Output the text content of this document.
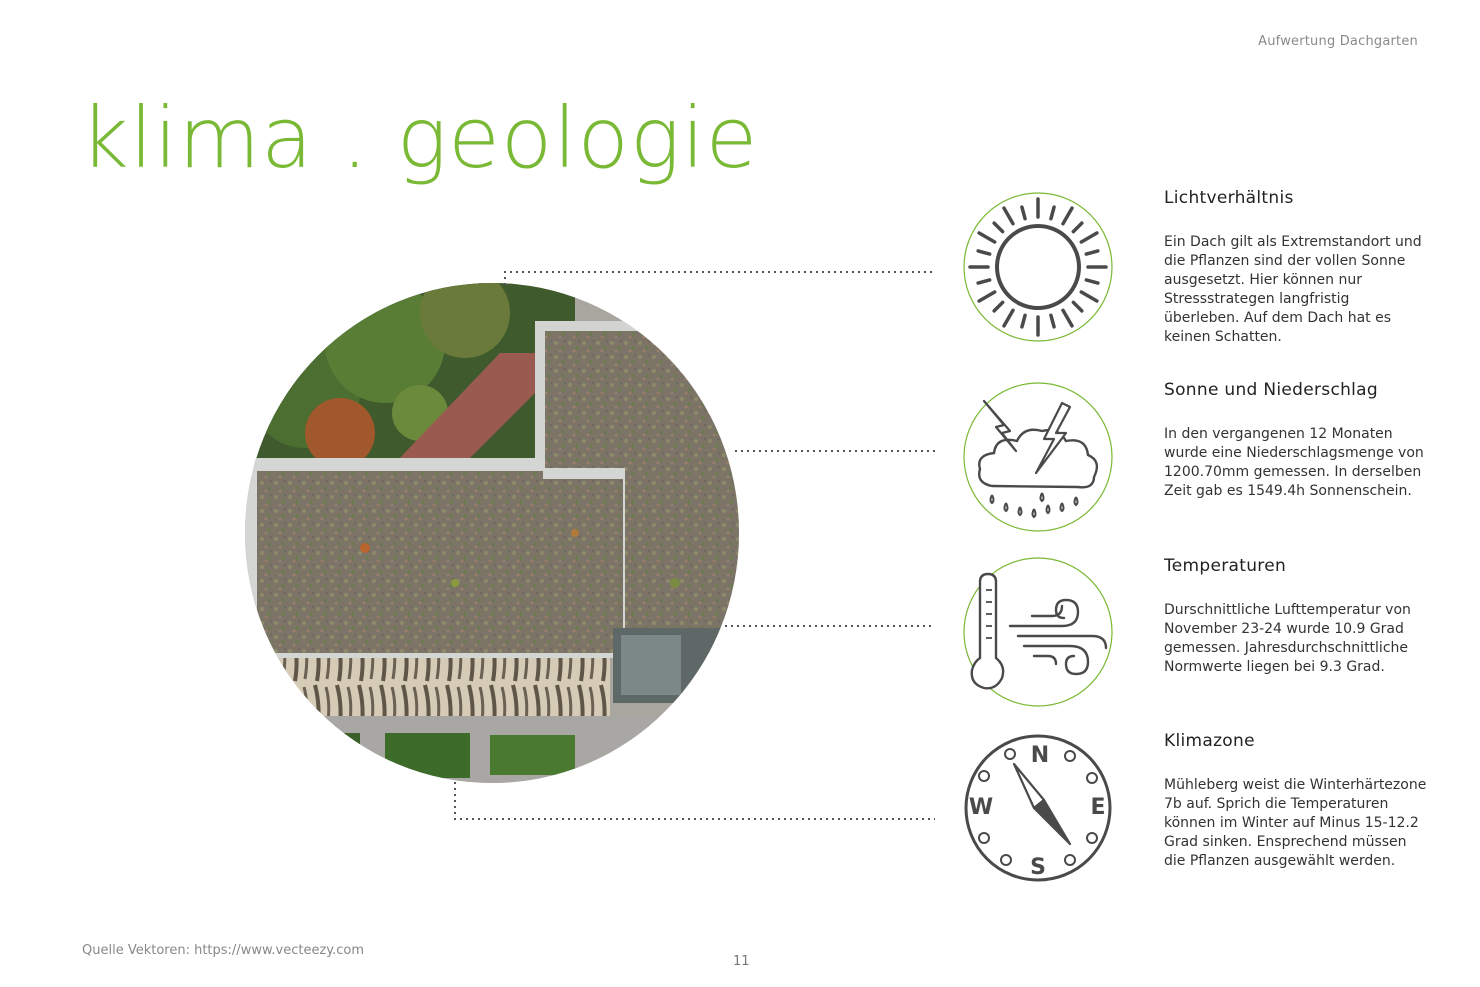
Aufwertung Dachgarten
klima . geologie
N
E
S
W
Lichtverhältnis
Ein Dach gilt als Extremstandort und die Pflanzen sind der vollen Sonne ausgesetzt. Hier können nur Stressstrategen langfristig überleben. Auf dem Dach hat es keinen Schatten.
Sonne und Niederschlag
In den vergangenen 12 Monaten wurde eine Niederschlagsmenge von 1200.70mm gemessen. In derselben Zeit gab es 1549.4h Sonnenschein.
Temperaturen
Durschnittliche Lufttemperatur von November 23-24 wurde 10.9 Grad gemessen. Jahresdurchschnittliche Normwerte liegen bei 9.3 Grad.
Klimazone
Mühleberg weist die Winterhärtezone 7b auf. Sprich die Temperaturen können im Winter auf Minus 15-12.2 Grad sinken. Ensprechend müssen die Pflanzen ausgewählt werden.
Quelle Vektoren: https://www.vecteezy.com
11
